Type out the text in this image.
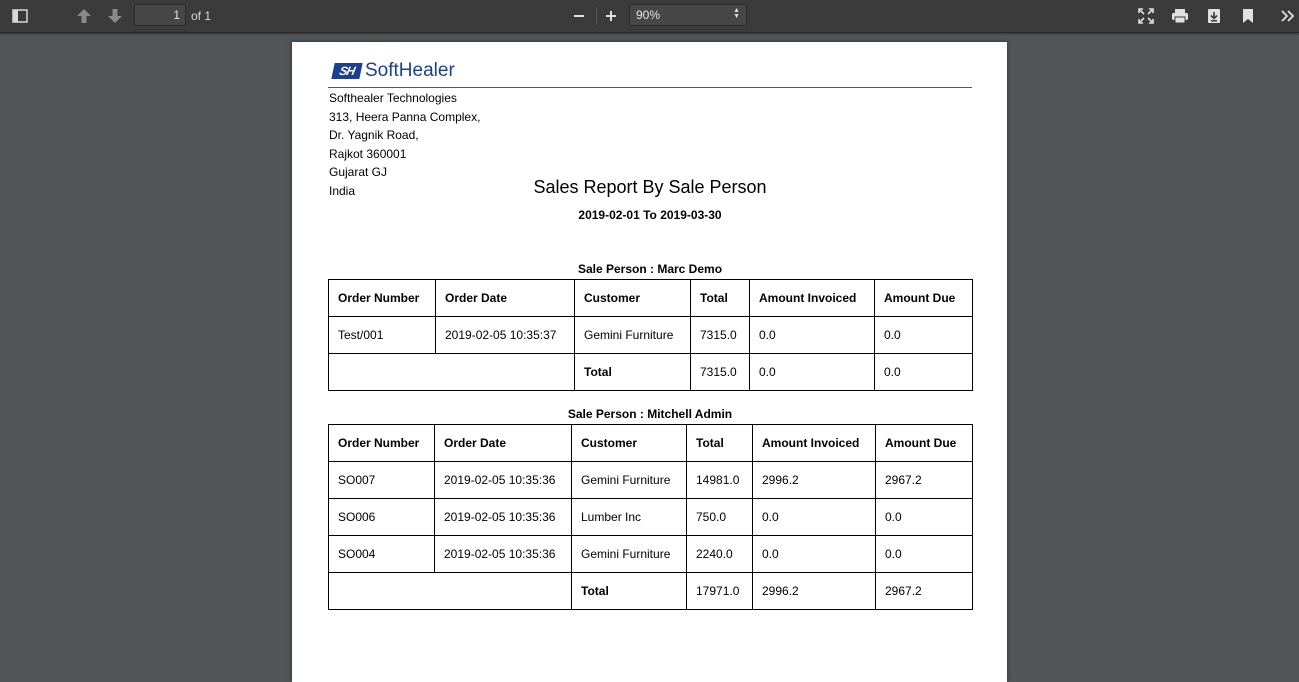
1
of 1	90%	▲
▼
SH SoftHealer
Softhealer Technologies
313, Heera Panna Complex,
Dr. Yagnik Road,
Rajkot 360001
Gujarat GJ
India	Sales Report By Sale Person
2019-02-01 To 2019-03-30
Sale Person : Marc Demo
Order Number	Order Date	Customer	Total	Amount Invoiced	Amount Due
Test/001	2019-02-05 10:35:37	Gemini Furniture	7315.0	0.0	0.0
		Total	7315.0	0.0	0.0
Sale Person : Mitchell Admin
Order Number	Order Date	Customer	Total	Amount Invoiced	Amount Due
SO007	2019-02-05 10:35:36	Gemini Furniture	14981.0	2996.2	2967.2
SO006	2019-02-05 10:35:36	Lumber Inc	750.0	0.0	0.0
SO004	2019-02-05 10:35:36	Gemini Furniture	2240.0	0.0	0.0
		Total	17971.0	2996.2	2967.2
